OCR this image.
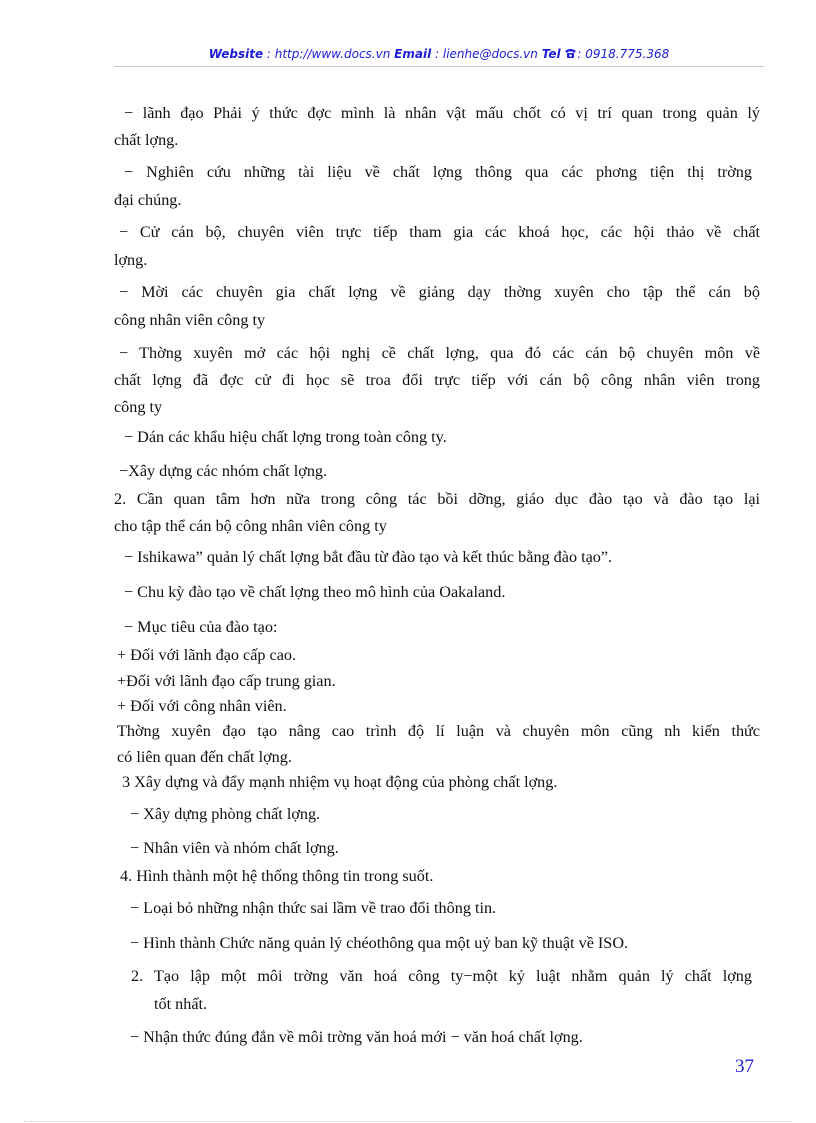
Website : http://www.docs.vn Email : lienhe@docs.vn Tel : 0918.775.368
− lãnh đạo Phải ý thức đợc mình là nhân vật mấu chốt có vị trí quan trong quản lý
chất lợng.
− Nghiên cứu những tài liệu về chất lợng thông qua các phơng tiện thị trờng
đại chúng.
− Cử cán bộ, chuyên viên trực tiếp tham gia các khoá học, các hội thảo về chất
lợng.
− Mời các chuyên gia chất lợng về giảng dạy thờng xuyên cho tập thể cán bộ
công nhân viên công ty
− Thờng xuyên mở các hội nghị cề chất lợng, qua đó các cán bộ chuyên môn về
chất lợng đã đợc cử đi học sẽ troa đổi trực tiếp với cán bộ công nhân viên trong
công ty
− Dán các khẩu hiệu chất lợng trong toàn công ty.
−Xây dựng các nhóm chất lợng.
2. Cần quan tâm hơn nữa trong công tác bồi dỡng, giáo dục đào tạo và đào tạo lại
cho tập thể cán bộ công nhân viên công ty
− Ishikawa” quản lý chất lợng bắt đầu từ đào tạo và kết thúc bằng đào tạo”.
− Chu kỳ đào tạo về chất lợng theo mô hình của Oakaland.
− Mục tiêu của đào tạo:
+ Đối với lãnh đạo cấp cao.
+Đối với lãnh đạo cấp trung gian.
+ Đối với công nhân viên.
Thờng xuyên đạo tạo nâng cao trình độ lí luận và chuyên môn cũng nh kiến thức
có liên quan đến chất lợng.
3 Xây dựng và đẩy mạnh nhiệm vụ hoạt động của phòng chất lợng.
− Xây dựng phòng chất lợng.
− Nhân viên và nhóm chất lợng.
4. Hình thành một hệ thống thông tin trong suốt.
− Loại bỏ những nhận thức sai lầm về trao đổi thông tin.
− Hình thành Chức năng quản lý chéothông qua một uỷ ban kỹ thuật về ISO.
2. Tạo lập một môi trờng văn hoá công ty−một kỷ luật nhằm quản lý chất lợng
tốt nhất.
− Nhận thức đúng đắn về môi trờng văn hoá mới − văn hoá chất lợng.
37
